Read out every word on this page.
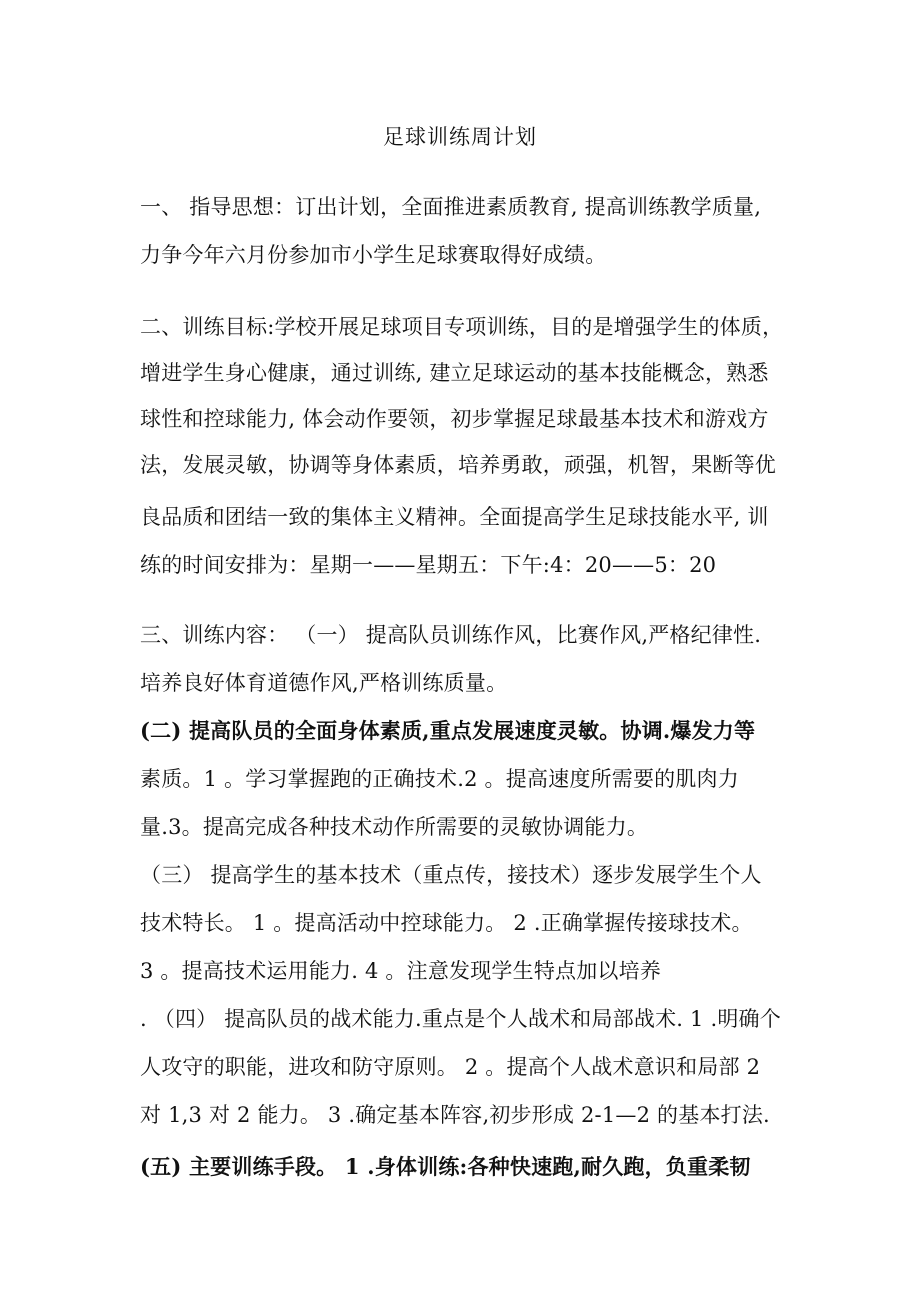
足球训练周计划
一、 指导思想：订出计划，全面推进素质教育, 提高训练教学质量,
力争今年六月份参加市小学生足球赛取得好成绩。
二、训练目标:学校开展足球项目专项训练，目的是增强学生的体质，
增进学生身心健康，通过训练, 建立足球运动的基本技能概念，熟悉
球性和控球能力, 体会动作要领，初步掌握足球最基本技术和游戏方
法，发展灵敏，协调等身体素质，培养勇敢，顽强，机智，果断等优
良品质和团结一致的集体主义精神。全面提高学生足球技能水平, 训
练的时间安排为：星期一——星期五：下午:4：20——5：20
三、训练内容： （一） 提高队员训练作风，比赛作风,严格纪律性.
培养良好体育道德作风,严格训练质量。
(二) 提高队员的全面身体素质,重点发展速度灵敏。协调.爆发力等
素质。1 。学习掌握跑的正确技术.2 。提高速度所需要的肌肉力
量.3。提高完成各种技术动作所需要的灵敏协调能力。
（三） 提高学生的基本技术（重点传，接技术）逐步发展学生个人
技术特长。 1 。提高活动中控球能力。 2 .正确掌握传接球技术。
3 。提高技术运用能力. 4 。注意发现学生特点加以培养
. （四） 提高队员的战术能力.重点是个人战术和局部战术. 1 .明确个
人攻守的职能，进攻和防守原则。 2 。提高个人战术意识和局部 2
对 1,3 对 2 能力。 3 .确定基本阵容,初步形成 2-1—2 的基本打法.
(五) 主要训练手段。 1 .身体训练:各种快速跑,耐久跑，负重柔韧
